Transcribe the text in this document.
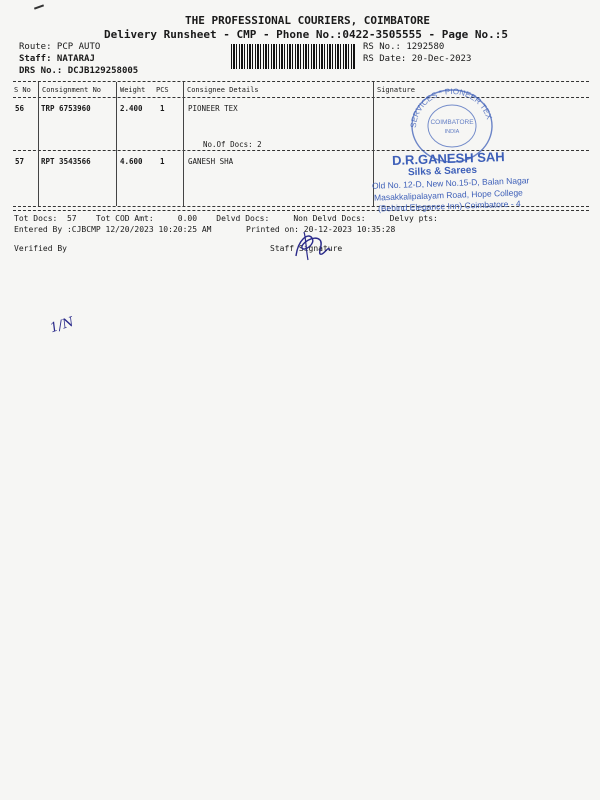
THE PROFESSIONAL COURIERS, COIMBATORE
Delivery Runsheet - CMP - Phone No.:0422-3505555 - Page No.:5
Route: PCP AUTO
Staff: NATARAJ
DRS No.: DCJB129258005
RS No.: 1292580
RS Date: 20-Dec-2023
S No Consignment No	Weight PCS	Consignee Details	Signature
56 TRP 6753960	2.400 1	PIONEER TEX
No.Of Docs: 2
57 RPT 3543566	4.600 1	GANESH SHA
SERVICES * PIONEER TEX
COIMBATORE
INDIA
D.R.GANESH SAH
Silks & Sarees
Old No. 12-D, New No.15-D, Balan Nagar
Masakkalipalayam Road, Hope College
(Behind Elegance Inn) Coimbatore - 4
Tot Docs:  57    Tot COD Amt:     0.00    Delvd Docs:     Non Delvd Docs:     Delvy pts:
Entered By :CJBCMP 12/20/2023 10:20:25 AM	Printed on: 20-12-2023 10:35:28
Verified By	Staff Signature
1/N
